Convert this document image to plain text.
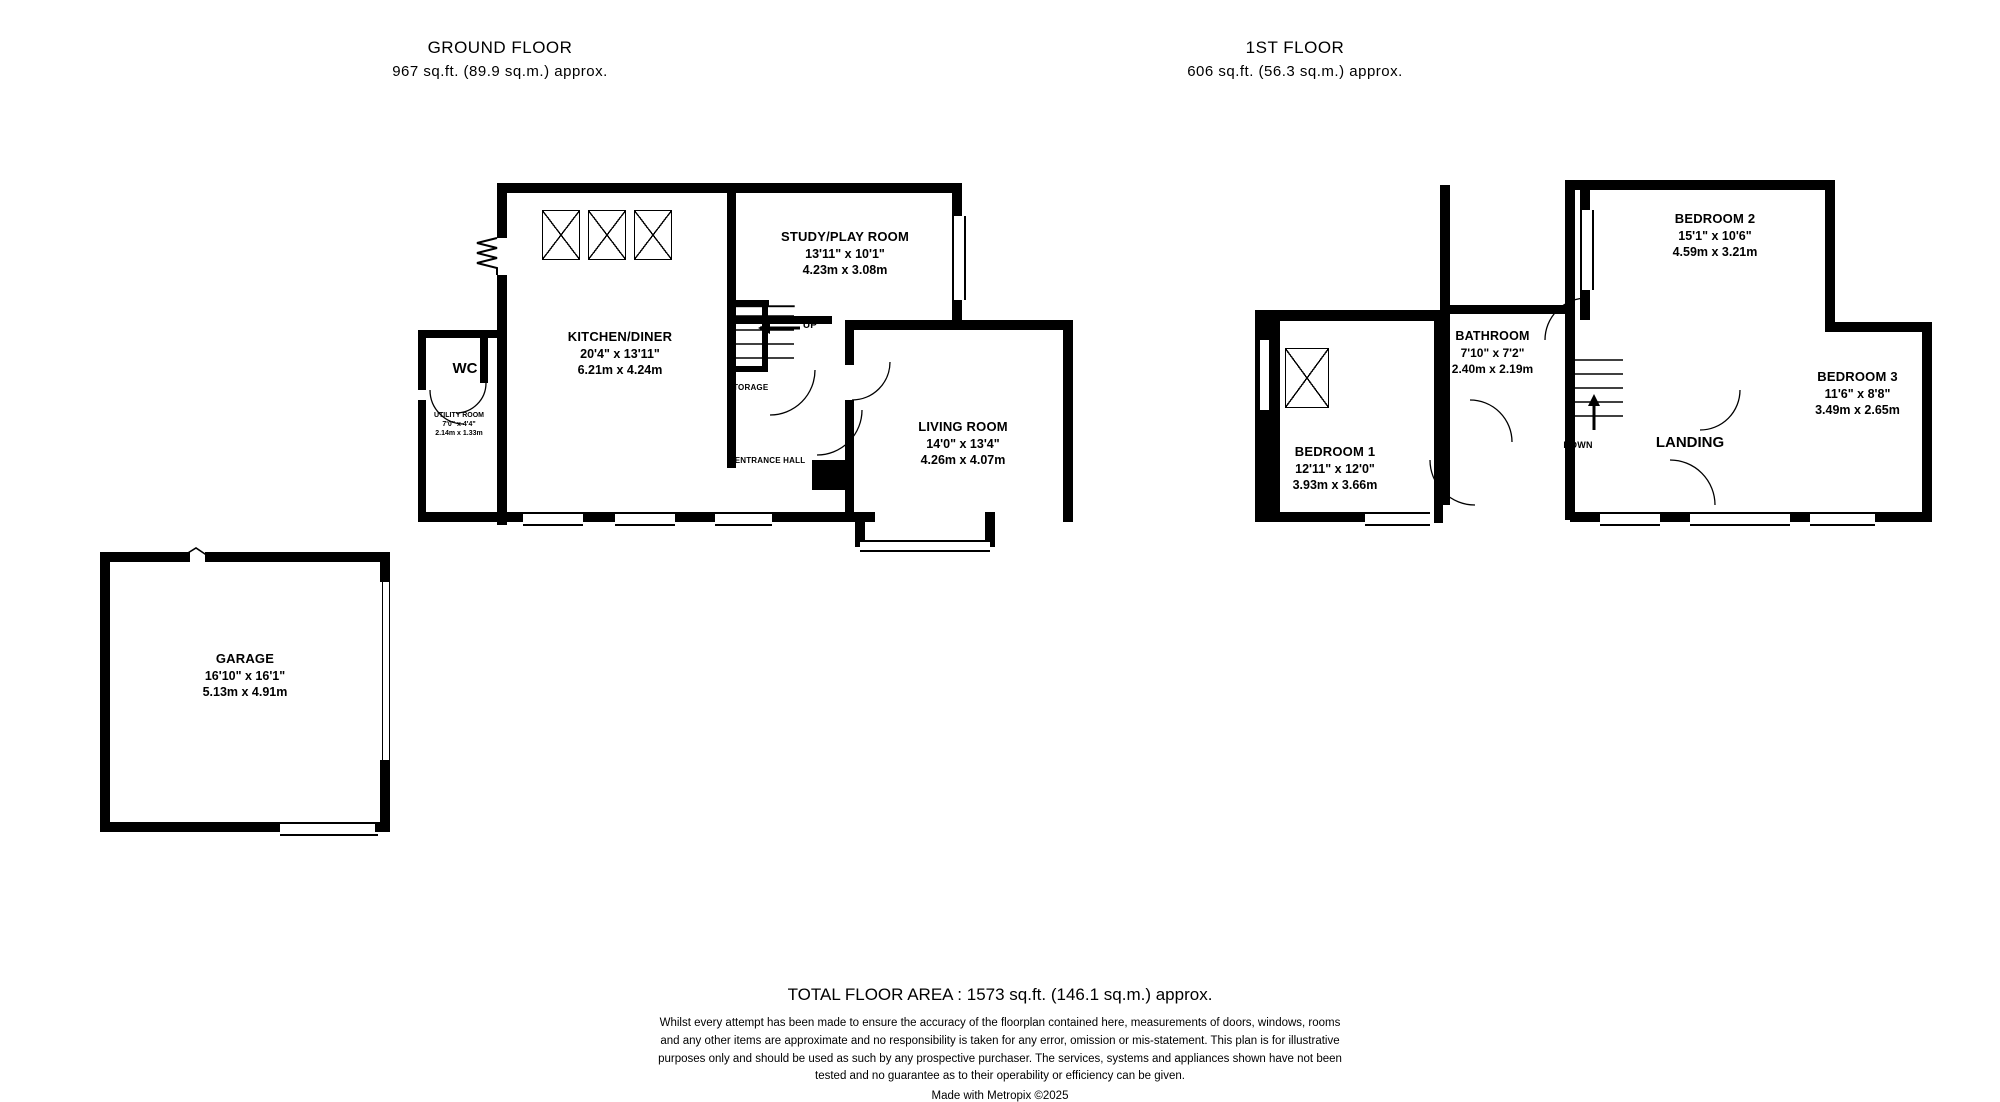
GROUND FLOOR
967 sq.ft. (89.9 sq.m.) approx.
1ST FLOOR
606 sq.ft. (56.3 sq.m.) approx.
STUDY/PLAY ROOM
13'11" x 10'1"
4.23m x 3.08m
KITCHEN/DINER
20'4" x 13'11"
6.21m x 4.24m
LIVING ROOM
14'0" x 13'4"
4.26m x 4.07m
WC
UTILITY ROOM
7'0" x 4'4"
2.14m x 1.33m
UP
STORAGE
ENTRANCE HALL
BEDROOM 2
15'1" x 10'6"
4.59m x 3.21m
BEDROOM 3
11'6" x 8'8"
3.49m x 2.65m
BEDROOM 1
12'11" x 12'0"
3.93m x 3.66m
BATHROOM
7'10" x 7'2"
2.40m x 2.19m
LANDING
DOWN
GARAGE
16'10" x 16'1"
5.13m x 4.91m
TOTAL FLOOR AREA : 1573 sq.ft. (146.1 sq.m.) approx.
Whilst every attempt has been made to ensure the accuracy of the floorplan contained here, measurements of doors, windows, rooms and any other items are approximate and no responsibility is taken for any error, omission or mis-statement. This plan is for illustrative purposes only and should be used as such by any prospective purchaser. The services, systems and appliances shown have not been tested and no guarantee as to their operability or efficiency can be given.
Made with Metropix ©2025
